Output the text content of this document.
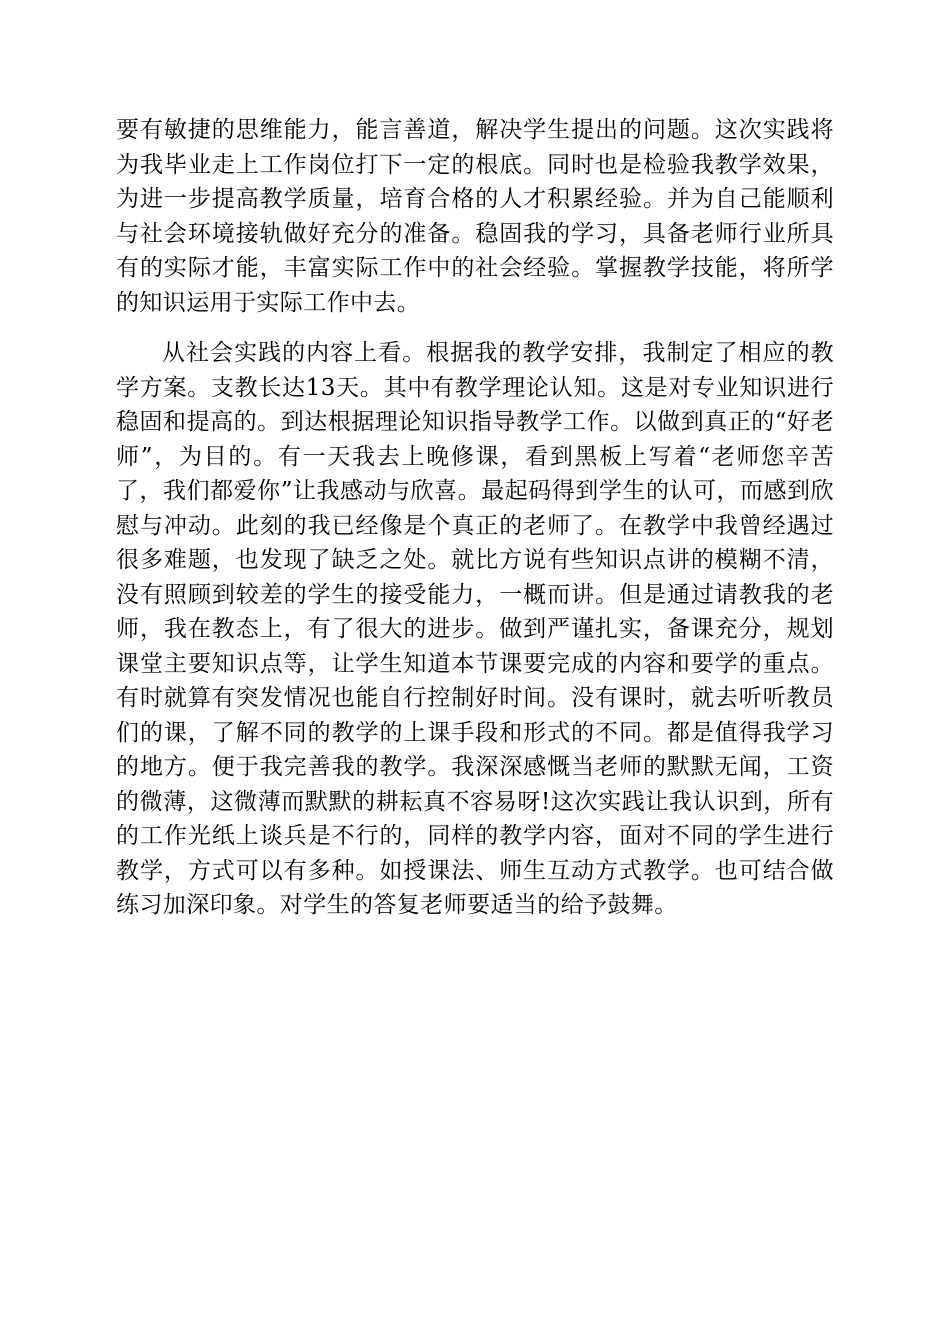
要有敏捷的思维能力，能言善道，解决学生提出的问题。这次实践将为我毕业走上工作岗位打下一定的根底。同时也是检验我教学效果，为进一步提高教学质量，培育合格的人才积累经验。并为自己能顺利与社会环境接轨做好充分的准备。稳固我的学习，具备老师行业所具有的实际才能，丰富实际工作中的社会经验。掌握教学技能，将所学的知识运用于实际工作中去。

从社会实践的内容上看。根据我的教学安排，我制定了相应的教学方案。支教长达13天。其中有教学理论认知。这是对专业知识进行稳固和提高的。到达根据理论知识指导教学工作。以做到真正的“好老师”，为目的。有一天我去上晚修课，看到黑板上写着“老师您辛苦了，我们都爱你”让我感动与欣喜。最起码得到学生的认可，而感到欣慰与冲动。此刻的我已经像是个真正的老师了。在教学中我曾经遇过很多难题，也发现了缺乏之处。就比方说有些知识点讲的模糊不清，没有照顾到较差的学生的接受能力，一概而讲。但是通过请教我的老师，我在教态上，有了很大的进步。做到严谨扎实，备课充分，规划课堂主要知识点等，让学生知道本节课要完成的内容和要学的重点。有时就算有突发情况也能自行控制好时间。没有课时，就去听听教员们的课，了解不同的教学的上课手段和形式的不同。都是值得我学习的地方。便于我完善我的教学。我深深感慨当老师的默默无闻，工资的微薄，这微薄而默默的耕耘真不容易呀!这次实践让我认识到，所有的工作光纸上谈兵是不行的，同样的教学内容，面对不同的学生进行教学，方式可以有多种。如授课法、师生互动方式教学。也可结合做练习加深印象。对学生的答复老师要适当的给予鼓舞。
